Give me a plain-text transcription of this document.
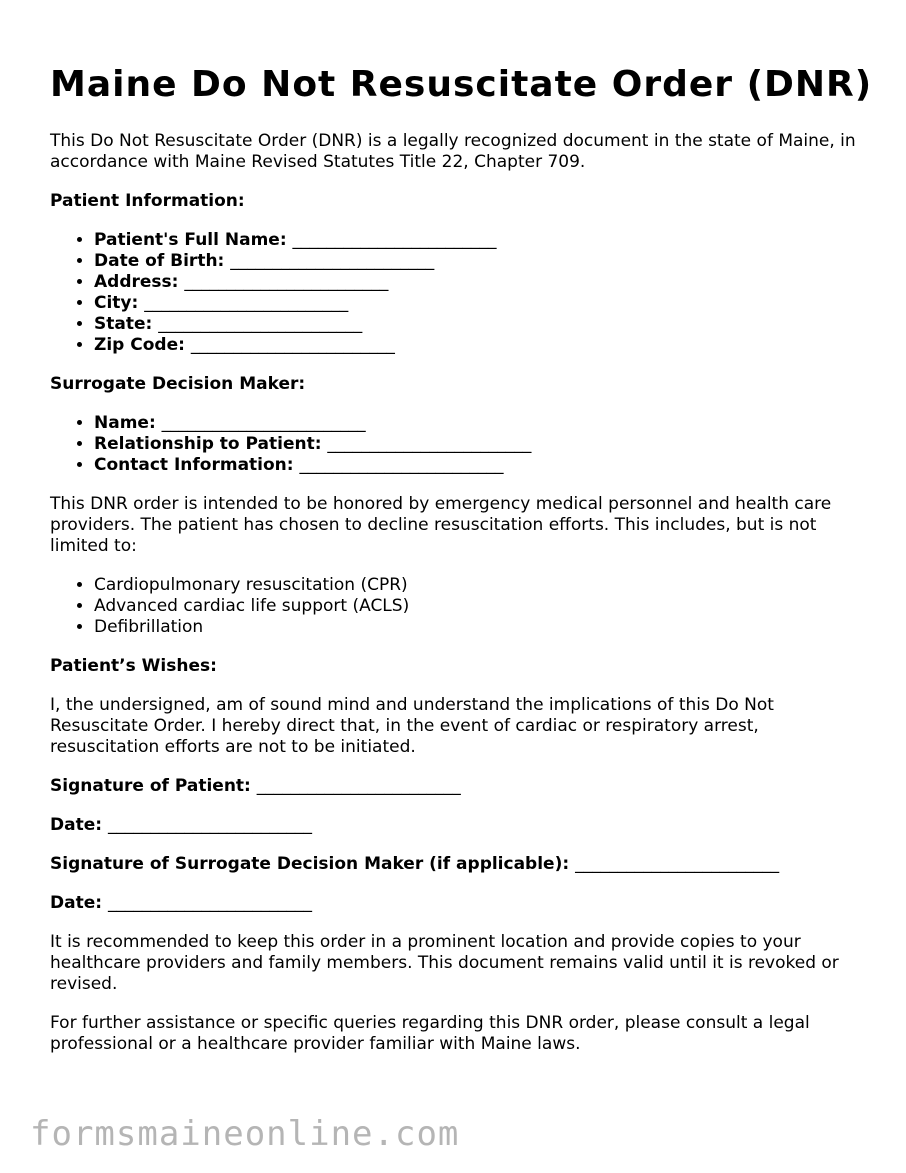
Maine Do Not Resuscitate Order (DNR)

This Do Not Resuscitate Order (DNR) is a legally recognized document in the state of Maine, in accordance with Maine Revised Statutes Title 22, Chapter 709.

Patient Information:
• Patient's Full Name: ________________________
• Date of Birth: ________________________
• Address: ________________________
• City: ________________________
• State: ________________________
• Zip Code: ________________________
Surrogate Decision Maker:
• Name: ________________________
• Relationship to Patient: ________________________
• Contact Information: ________________________

This DNR order is intended to be honored by emergency medical personnel and health care providers. The patient has chosen to decline resuscitation efforts. This includes, but is not limited to:

• Cardiopulmonary resuscitation (CPR)
• Advanced cardiac life support (ACLS)
• Defibrillation
Patient’s Wishes:

I, the undersigned, am of sound mind and understand the implications of this Do Not Resuscitate Order. I hereby direct that, in the event of cardiac or respiratory arrest, resuscitation efforts are not to be initiated.

Signature of Patient: ________________________
Date: ________________________
Signature of Surrogate Decision Maker (if applicable): ________________________
Date: ________________________

It is recommended to keep this order in a prominent location and provide copies to your healthcare providers and family members. This document remains valid until it is revoked or revised.

For further assistance or specific queries regarding this DNR order, please consult a legal professional or a healthcare provider familiar with Maine laws.

formsmaineonline.com
